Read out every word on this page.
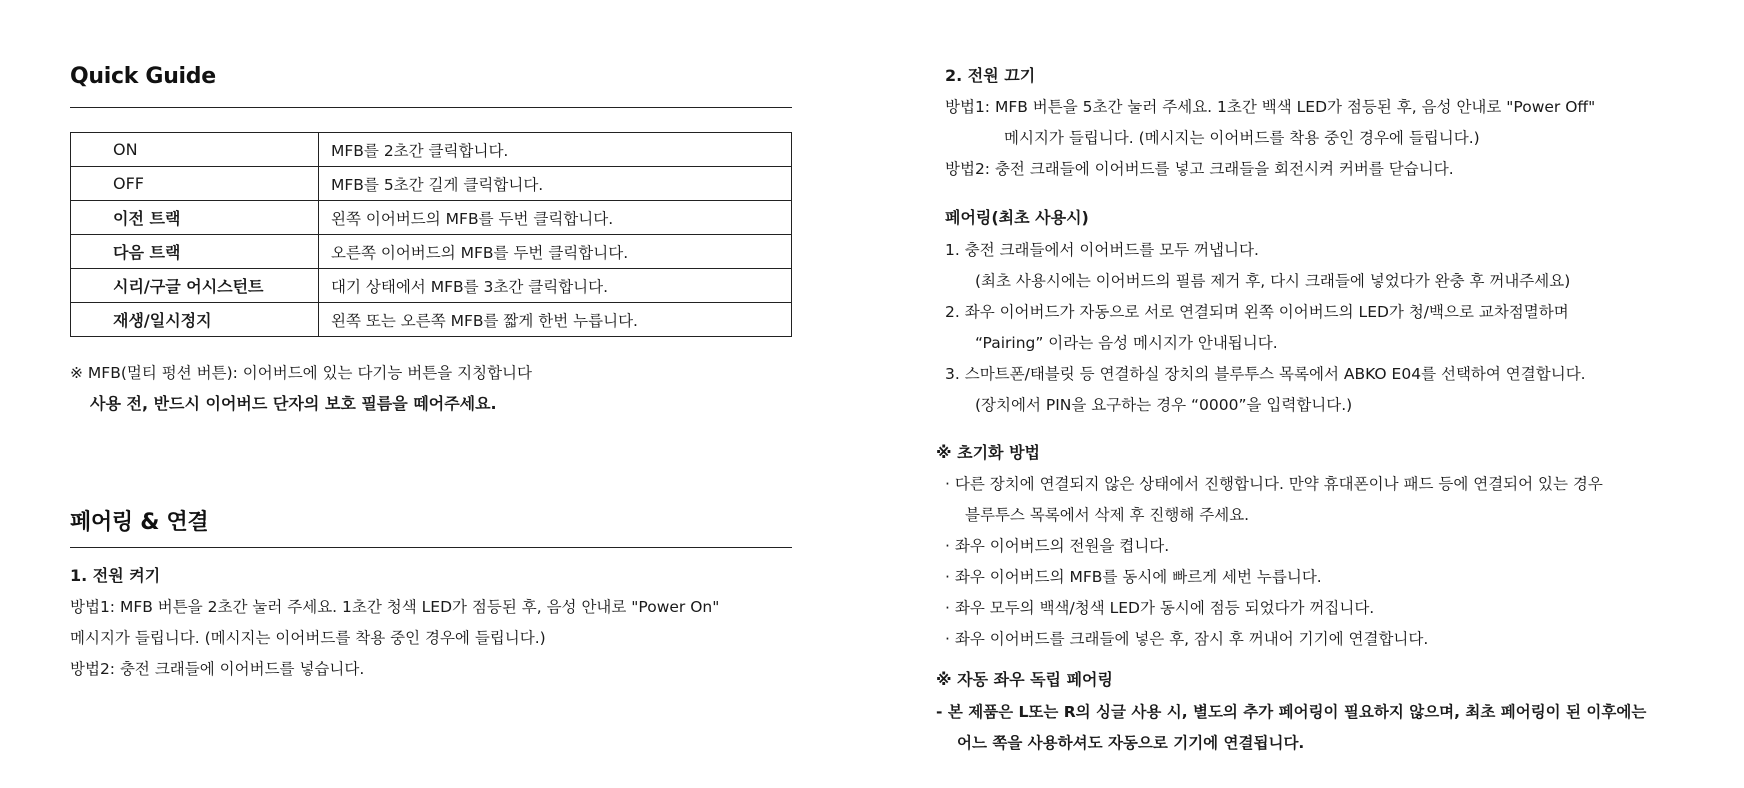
Quick Guide
ON	MFB를 2초간 클릭합니다.
OFF	MFB를 5초간 길게 클릭합니다.
이전 트랙	왼쪽 이어버드의 MFB를 두번 클릭합니다.
다음 트랙	오른쪽 이어버드의 MFB를 두번 클릭합니다.
시리/구글 어시스턴트	대기 상태에서 MFB를 3초간 클릭합니다.
재생/일시정지	왼쪽 또는 오른쪽 MFB를 짧게 한번 누릅니다.
※ MFB(멀티 펑션 버튼): 이어버드에 있는 다기능 버튼을 지칭합니다
사용 전, 반드시 이어버드 단자의 보호 필름을 떼어주세요.
페어링 & 연결
1. 전원 켜기
방법1: MFB 버튼을 2초간 눌러 주세요. 1초간 청색 LED가 점등된 후, 음성 안내로 "Power On"
메시지가 들립니다. (메시지는 이어버드를 착용 중인 경우에 들립니다.)
방법2: 충전 크래들에 이어버드를 넣습니다.
2. 전원 끄기
방법1: MFB 버튼을 5초간 눌러 주세요. 1초간 백색 LED가 점등된 후, 음성 안내로 "Power Off"
메시지가 들립니다. (메시지는 이어버드를 착용 중인 경우에 들립니다.)
방법2: 충전 크래들에 이어버드를 넣고 크래들을 회전시켜 커버를 닫습니다.
페어링(최초 사용시)
1. 충전 크래들에서 이어버드를 모두 꺼냅니다.
(최초 사용시에는 이어버드의 필름 제거 후, 다시 크래들에 넣었다가 완충 후 꺼내주세요)
2. 좌우 이어버드가 자동으로 서로 연결되며 왼쪽 이어버드의 LED가 청/백으로 교차점멸하며
“Pairing” 이라는 음성 메시지가 안내됩니다.
3. 스마트폰/태블릿 등 연결하실 장치의 블루투스 목록에서 ABKO E04를 선택하여 연결합니다.
(장치에서 PIN을 요구하는 경우 “0000”을 입력합니다.)
※ 초기화 방법
· 다른 장치에 연결되지 않은 상태에서 진행합니다. 만약 휴대폰이나 패드 등에 연결되어 있는 경우
블루투스 목록에서 삭제 후 진행해 주세요.
· 좌우 이어버드의 전원을 켭니다.
· 좌우 이어버드의 MFB를 동시에 빠르게 세번 누릅니다.
· 좌우 모두의 백색/청색 LED가 동시에 점등 되었다가 꺼집니다.
· 좌우 이어버드를 크래들에 넣은 후, 잠시 후 꺼내어 기기에 연결합니다.
※ 자동 좌우 독립 페어링
- 본 제품은 L또는 R의 싱글 사용 시, 별도의 추가 페어링이 필요하지 않으며, 최초 페어링이 된 이후에는
어느 쪽을 사용하셔도 자동으로 기기에 연결됩니다.
